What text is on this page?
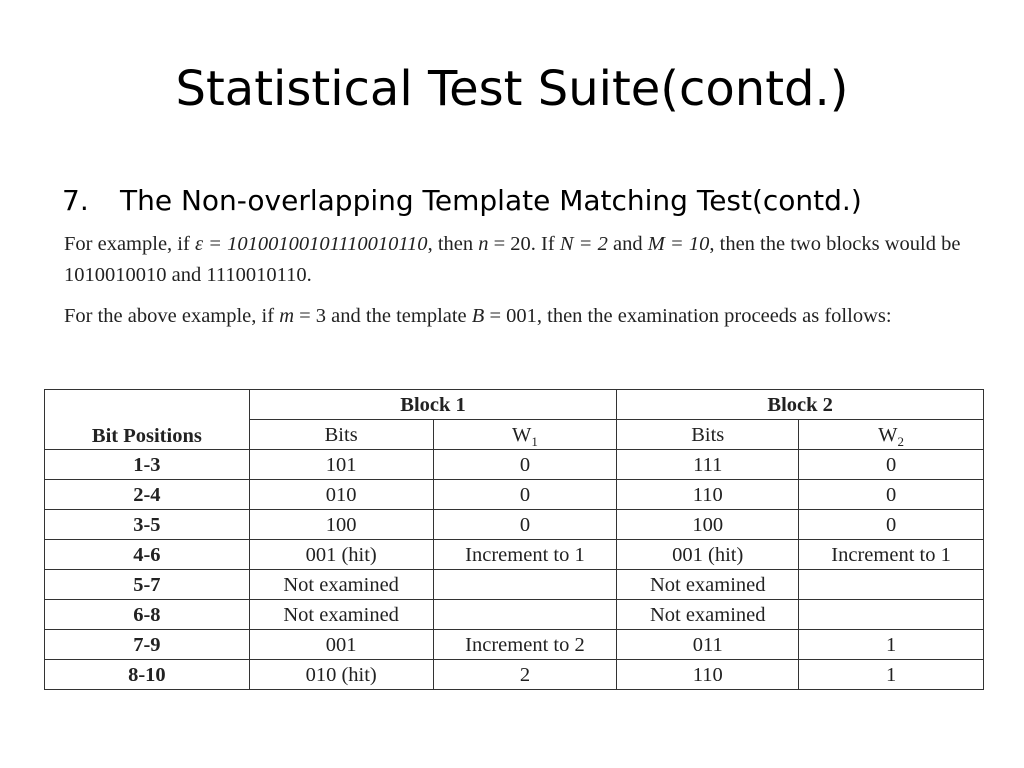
Statistical Test Suite(contd.)
7. The Non-overlapping Template Matching Test(contd.)
For example, if ε = 10100100101110010110, then n = 20. If N = 2 and M = 10, then the two blocks would be 1010010010 and 1110010110.
For the above example, if m = 3 and the template B = 001, then the examination proceeds as follows:
Bit Positions	Block 1		Block 2	
	Bits	$W_1$	Bits	$W_2$
1-3	101	0	111	0
2-4	010	0	110	0
3-5	100	0	100	0
4-6	001 (hit)	Increment to 1	001 (hit)	Increment to 1
5-7	Not examined		Not examined	
6-8	Not examined		Not examined	
7-9	001	Increment to 2	011	1
8-10	010 (hit)	2	110	1
